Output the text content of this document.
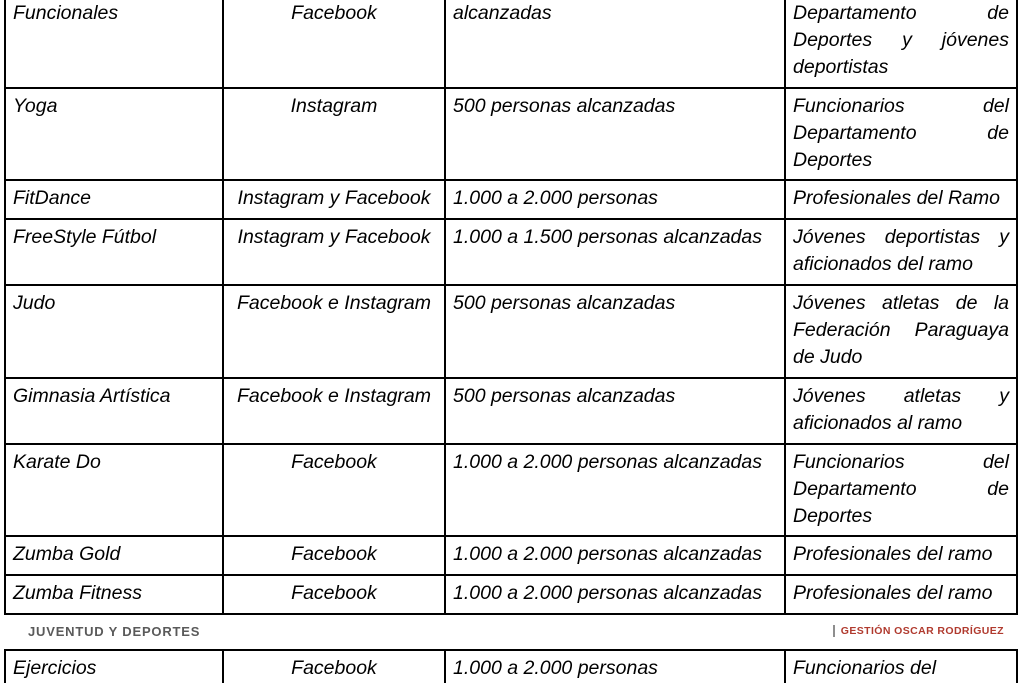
Funcionales	Facebook	alcanzadas	Departamento de Deportes y jóvenes deportistas

Yoga	Instagram	500 personas alcanzadas	Funcionarios del Departamento de Deportes
FitDance	Instagram y Facebook	1.000 a 2.000 personas	Profesionales del Ramo
FreeStyle Fútbol	Instagram y Facebook	1.000 a 1.500 personas alcanzadas	Jóvenes deportistas y aficionados del ramo
Judo	Facebook e Instagram	500 personas alcanzadas	Jóvenes atletas de la Federación Paraguaya de Judo
Gimnasia Artística	Facebook e Instagram	500 personas alcanzadas	Jóvenes atletas y aficionados al ramo
Karate Do	Facebook	1.000 a 2.000 personas alcanzadas	Funcionarios del Departamento de Deportes
Zumba Gold	Facebook	1.000 a 2.000 personas alcanzadas	Profesionales del ramo
Zumba Fitness	Facebook	1.000 a 2.000 personas alcanzadas	Profesionales del ramo
JUVENTUD Y DEPORTES	GESTIÓN OSCAR RODRÍGUEZ
Ejercicios	Facebook	1.000 a 2.000 personas	Funcionarios del
